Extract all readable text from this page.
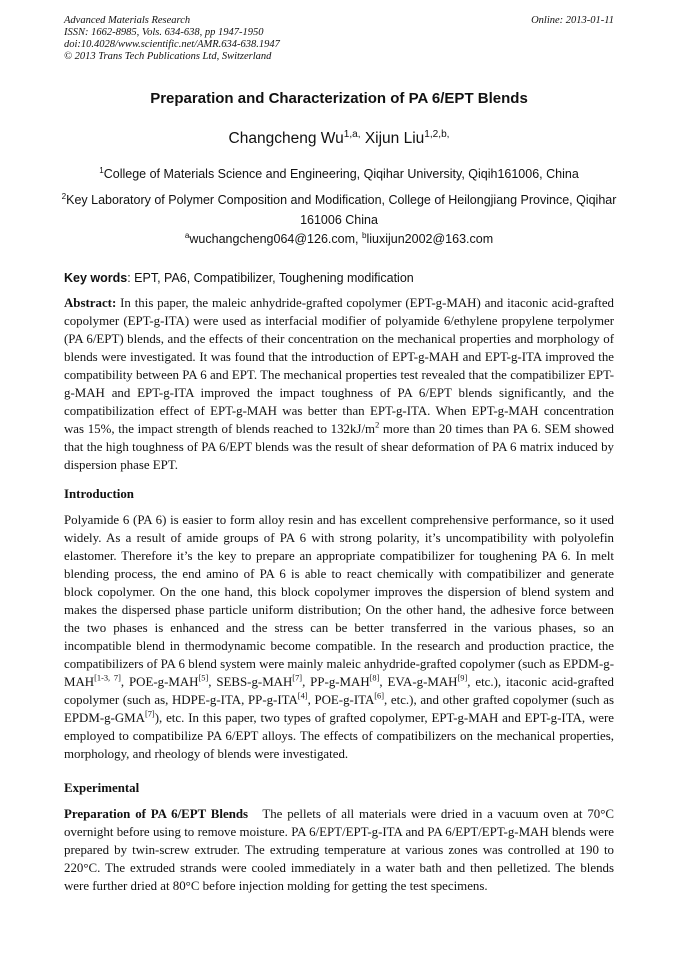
Advanced Materials Research
ISSN: 1662-8985, Vols. 634-638, pp 1947-1950
doi:10.4028/www.scientific.net/AMR.634-638.1947
© 2013 Trans Tech Publications Ltd, Switzerland
Online: 2013-01-11
Preparation and Characterization of PA 6/EPT Blends
Changcheng $Wu^{1,a,}$ Xijun Liu$^{1,2,b,}$
$^1$College of Materials Science and Engineering, Qiqihar University, Qiqih161006, China
$^2$Key Laboratory of Polymer Composition and Modification, College of Heilongjiang Province, Qiqihar 161006 China
$^a$wuchangcheng064@126.com, $^b$liuxijun2002@163.com
Key words: EPT, PA6, Compatibilizer, Toughening modification
Abstract: In this paper, the maleic anhydride-grafted copolymer (EPT-g-MAH) and itaconic acid-grafted copolymer (EPT-g-ITA) were used as interfacial modifier of polyamide 6/ethylene propylene terpolymer (PA 6/EPT) blends, and the effects of their concentration on the mechanical properties and morphology of blends were investigated. It was found that the introduction of EPT-g-MAH and EPT-g-ITA improved the compatibility between PA 6 and EPT. The mechanical properties test revealed that the compatibilizer EPT-g-MAH and EPT-g-ITA improved the impact toughness of PA 6/EPT blends significantly, and the compatibilization effect of EPT-g-MAH was better than EPT-g-ITA. When EPT-g-MAH concentration was 15%, the impact strength of blends reached to $132kJ/m^2$ more than 20 times than PA 6. SEM showed that the high toughness of PA 6/EPT blends was the result of shear deformation of PA 6 matrix induced by dispersion phase EPT.
Introduction
Polyamide 6 (PA 6) is easier to form alloy resin and has excellent comprehensive performance, so it used widely. As a result of amide groups of PA 6 with strong polarity, it’s uncompatibility with polyolefin elastomer. Therefore it’s the key to prepare an appropriate compatibilizer for toughening PA 6. In melt blending process, the end amino of PA 6 is able to react chemically with compatibilizer and generate block copolymer. On the one hand, this block copolymer improves the dispersion of blend system and makes the dispersed phase particle uniform distribution; On the other hand, the adhesive force between the two phases is enhanced and the stress can be better transferred in the various phases, so an incompatible blend in thermodynamic become compatible. In the research and production practice, the compatibilizers of PA 6 blend system were mainly maleic anhydride-grafted copolymer (such as EPDM-g-MAH[1-3, 7], POE-g-MAH[5], SEBS-g-MAH[7], PP-g-MAH[8], EVA-g-MAH[9], etc.), itaconic acid-grafted copolymer (such as, HDPE-g-ITA, PP-g-ITA[4], POE-g-ITA[6], etc.), and other grafted copolymer (such as EPDM-g-GMA[7]), etc. In this paper, two types of grafted copolymer, EPT-g-MAH and EPT-g-ITA, were employed to compatibilize PA 6/EPT alloys. The effects of compatibilizers on the mechanical properties, morphology, and rheology of blends were investigated.
Experimental
Preparation of PA 6/EPT Blends   The pellets of all materials were dried in a vacuum oven at 70°C overnight before using to remove moisture. PA 6/EPT/EPT-g-ITA and PA 6/EPT/EPT-g-MAH blends were prepared by twin-screw extruder. The extruding temperature at various zones was controlled at 190 to 220°C. The extruded strands were cooled immediately in a water bath and then pelletized. The blends were further dried at 80°C before injection molding for getting the test specimens.
